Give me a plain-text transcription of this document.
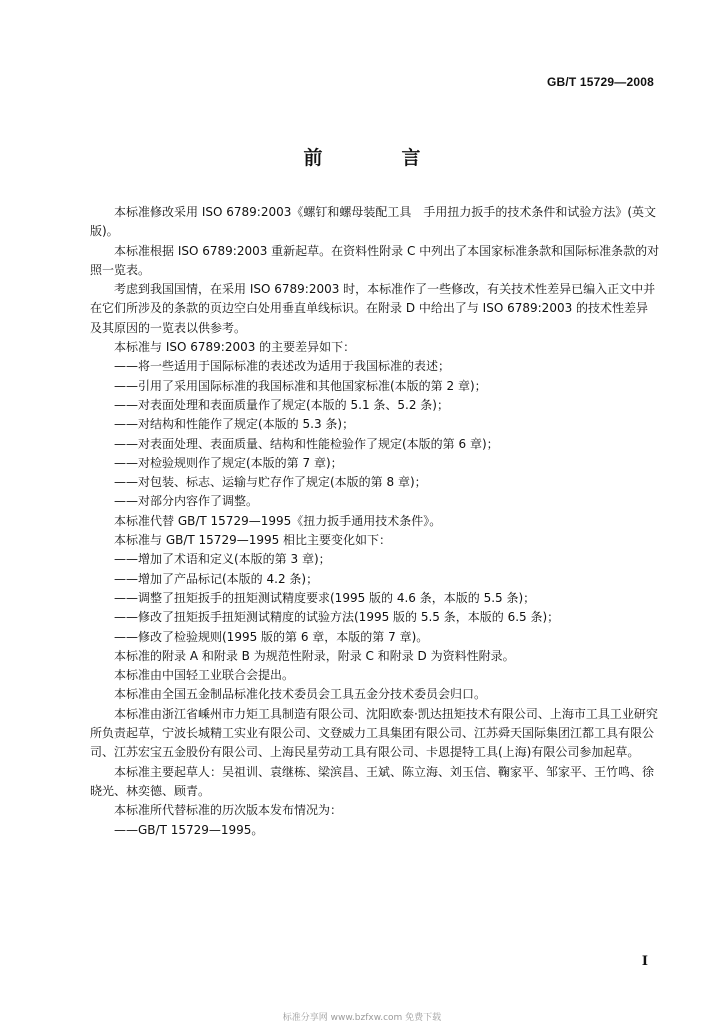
GB/T 15729—2008
前　言

本标准修改采用 ISO 6789:2003《螺钉和螺母装配工具　手用扭力扳手的技术条件和试验方法》(英文版)。

本标准根据 ISO 6789:2003 重新起草。在资料性附录 C 中列出了本国家标准条款和国际标准条款的对照一览表。

考虑到我国国情，在采用 ISO 6789:2003 时，本标准作了一些修改，有关技术性差异已编入正文中并在它们所涉及的条款的页边空白处用垂直单线标识。在附录 D 中给出了与 ISO 6789:2003 的技术性差异及其原因的一览表以供参考。

本标准与 ISO 6789:2003 的主要差异如下：

——将一些适用于国际标准的表述改为适用于我国标准的表述；

——引用了采用国际标准的我国标准和其他国家标准(本版的第 2 章)；

——对表面处理和表面质量作了规定(本版的 5.1 条、5.2 条)；

——对结构和性能作了规定(本版的 5.3 条)；

——对表面处理、表面质量、结构和性能检验作了规定(本版的第 6 章)；

——对检验规则作了规定(本版的第 7 章)；

——对包装、标志、运输与贮存作了规定(本版的第 8 章)；

——对部分内容作了调整。

本标准代替 GB/T 15729—1995《扭力扳手通用技术条件》。

本标准与 GB/T 15729—1995 相比主要变化如下：

——增加了术语和定义(本版的第 3 章)；

——增加了产品标记(本版的 4.2 条)；

——调整了扭矩扳手的扭矩测试精度要求(1995 版的 4.6 条，本版的 5.5 条)；

——修改了扭矩扳手扭矩测试精度的试验方法(1995 版的 5.5 条，本版的 6.5 条)；

——修改了检验规则(1995 版的第 6 章，本版的第 7 章)。

本标准的附录 A 和附录 B 为规范性附录，附录 C 和附录 D 为资料性附录。

本标准由中国轻工业联合会提出。

本标准由全国五金制品标准化技术委员会工具五金分技术委员会归口。

本标准由浙江省嵊州市力矩工具制造有限公司、沈阳欧泰·凯达扭矩技术有限公司、上海市工具工业研究所负责起草，宁波长城精工实业有限公司、文登威力工具集团有限公司、江苏舜天国际集团江都工具有限公司、江苏宏宝五金股份有限公司、上海民星劳动工具有限公司、卡恩提特工具(上海)有限公司参加起草。

本标准主要起草人：吴祖训、袁继栋、梁滨昌、王斌、陈立海、刘玉信、鞠家平、邹家平、王竹鸣、徐晓光、林奕德、顾青。

本标准所代替标准的历次版本发布情况为：

——GB/T 15729—1995。

I
标准分享网 www.bzfxw.com 免费下载
